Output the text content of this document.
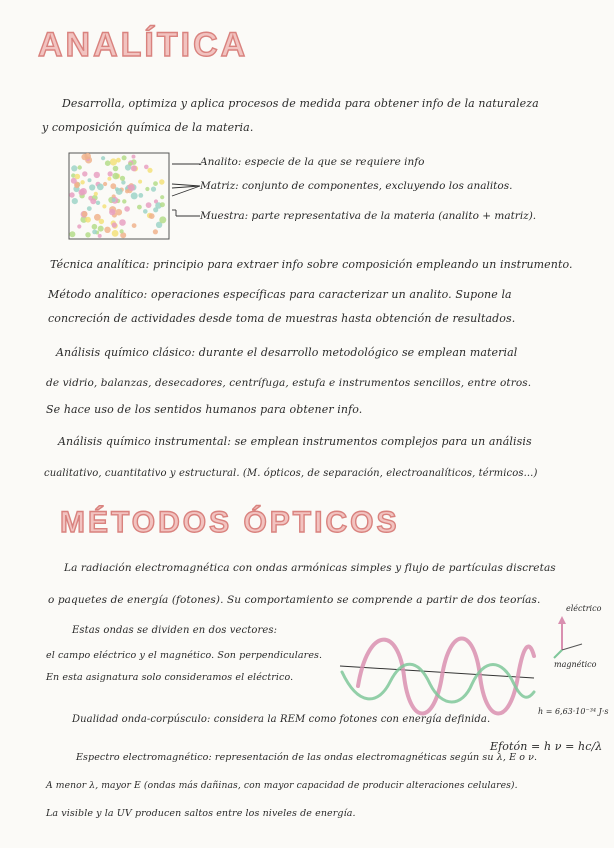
ANALÍTICA
Desarrolla, optimiza y aplica procesos de medida para obtener info de la naturaleza
y composición química de la materia.
Analito: especie de la que se requiere info
Matriz: conjunto de componentes, excluyendo los analitos.
Muestra: parte representativa de la materia (analito + matriz).
Técnica analítica: principio para extraer info sobre composición empleando un instrumento.
Método analítico: operaciones específicas para caracterizar un analito. Supone la
concreción de actividades desde toma de muestras hasta obtención de resultados.
Análisis químico clásico: durante el desarrollo metodológico se emplean material
de vidrio, balanzas, desecadores, centrífuga, estufa e instrumentos sencillos, entre otros.
Se hace uso de los sentidos humanos para obtener info.
Análisis químico instrumental: se emplean instrumentos complejos para un análisis
cualitativo, cuantitativo y estructural. (M. ópticos, de separación, electroanalíticos, térmicos...)
MÉTODOS ÓPTICOS
La radiación electromagnética con ondas armónicas simples y flujo de partículas discretas
o paquetes de energía (fotones). Su comportamiento se comprende a partir de dos teorías.
Estas ondas se dividen en dos vectores:
el campo eléctrico y el magnético. Son perpendiculares.
En esta asignatura solo consideramos el eléctrico.
eléctrico
magnético
h = 6,63·10⁻³⁴ J·s
Dualidad onda-corpúsculo: considera la REM como fotones con energía definida.
Efotón = h ν = hc/λ
Espectro electromagnético: representación de las ondas electromagnéticas según su λ, E o ν.
A menor λ, mayor E (ondas más dañinas, con mayor capacidad de producir alteraciones celulares).
La visible y la UV producen saltos entre los niveles de energía.
